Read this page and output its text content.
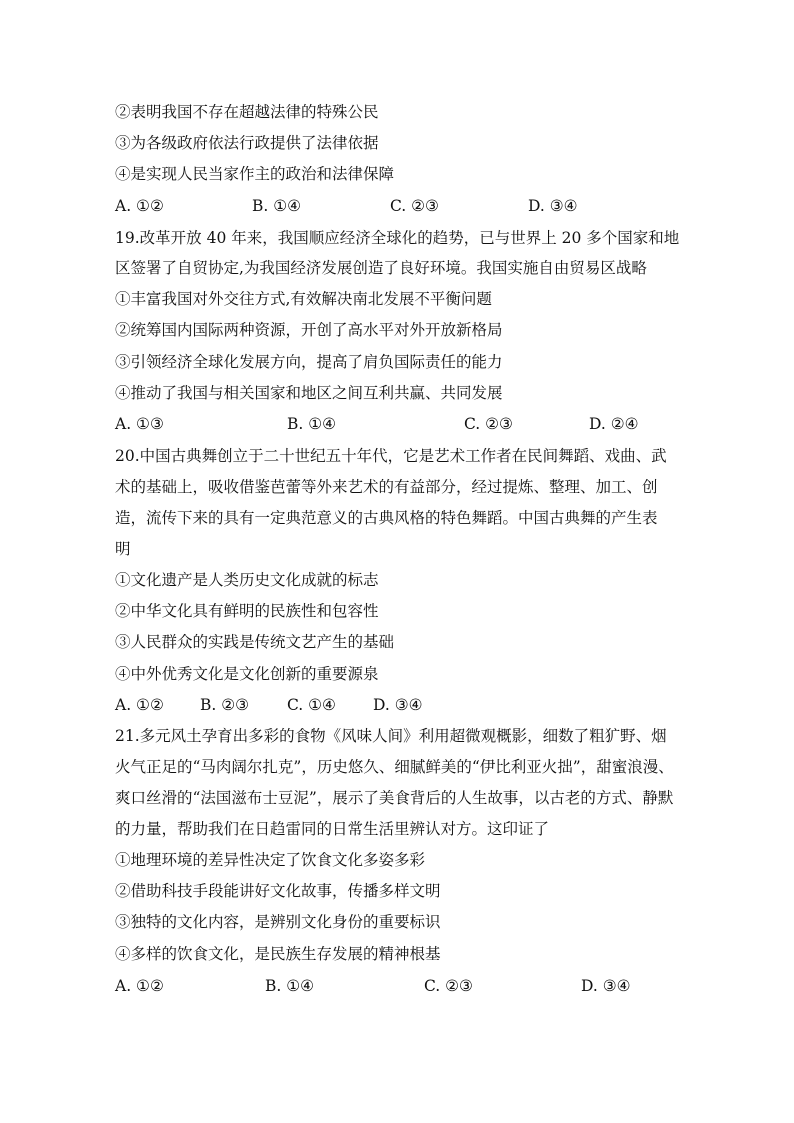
②表明我国不存在超越法律的特殊公民
③为各级政府依法行政提供了法律依据
④是实现人民当家作主的政治和法律保障
A. ①②	B. ①④	C. ②③	D. ③④
19.改革开放 40 年来，我国顺应经济全球化的趋势，已与世界上 20 多个国家和地
区签署了自贸协定,为我国经济发展创造了良好环境。我国实施自由贸易区战略
①丰富我国对外交往方式,有效解决南北发展不平衡问题
②统筹国内国际两种资源，开创了高水平对外开放新格局
③引领经济全球化发展方向，提高了肩负国际责任的能力
④推动了我国与相关国家和地区之间互利共赢、共同发展
A. ①③	B. ①④	C. ②③	D. ②④
20.中国古典舞创立于二十世纪五十年代，它是艺术工作者在民间舞蹈、戏曲、武
术的基础上，吸收借鉴芭蕾等外来艺术的有益部分，经过提炼、整理、加工、创
造，流传下来的具有一定典范意义的古典风格的特色舞蹈。中国古典舞的产生表
明
①文化遗产是人类历史文化成就的标志
②中华文化具有鲜明的民族性和包容性
③人民群众的实践是传统文艺产生的基础
④中外优秀文化是文化创新的重要源泉
A. ①② B. ②③ C. ①④ D. ③④
21.多元风土孕育出多彩的食物《风味人间》利用超微观概影，细数了粗犷野、烟
火气正足的“马肉阔尔扎克”，历史悠久、细腻鲜美的“伊比利亚火拙”，甜蜜浪漫、
爽口丝滑的“法国滋布士豆泥”，展示了美食背后的人生故事，以古老的方式、静默
的力量，帮助我们在日趋雷同的日常生活里辨认对方。这印证了
①地理环境的差异性决定了饮食文化多姿多彩
②借助科技手段能讲好文化故事，传播多样文明
③独特的文化内容，是辨别文化身份的重要标识
④多样的饮食文化，是民族生存发展的精神根基
A. ①②	B. ①④	C. ②③	D. ③④
